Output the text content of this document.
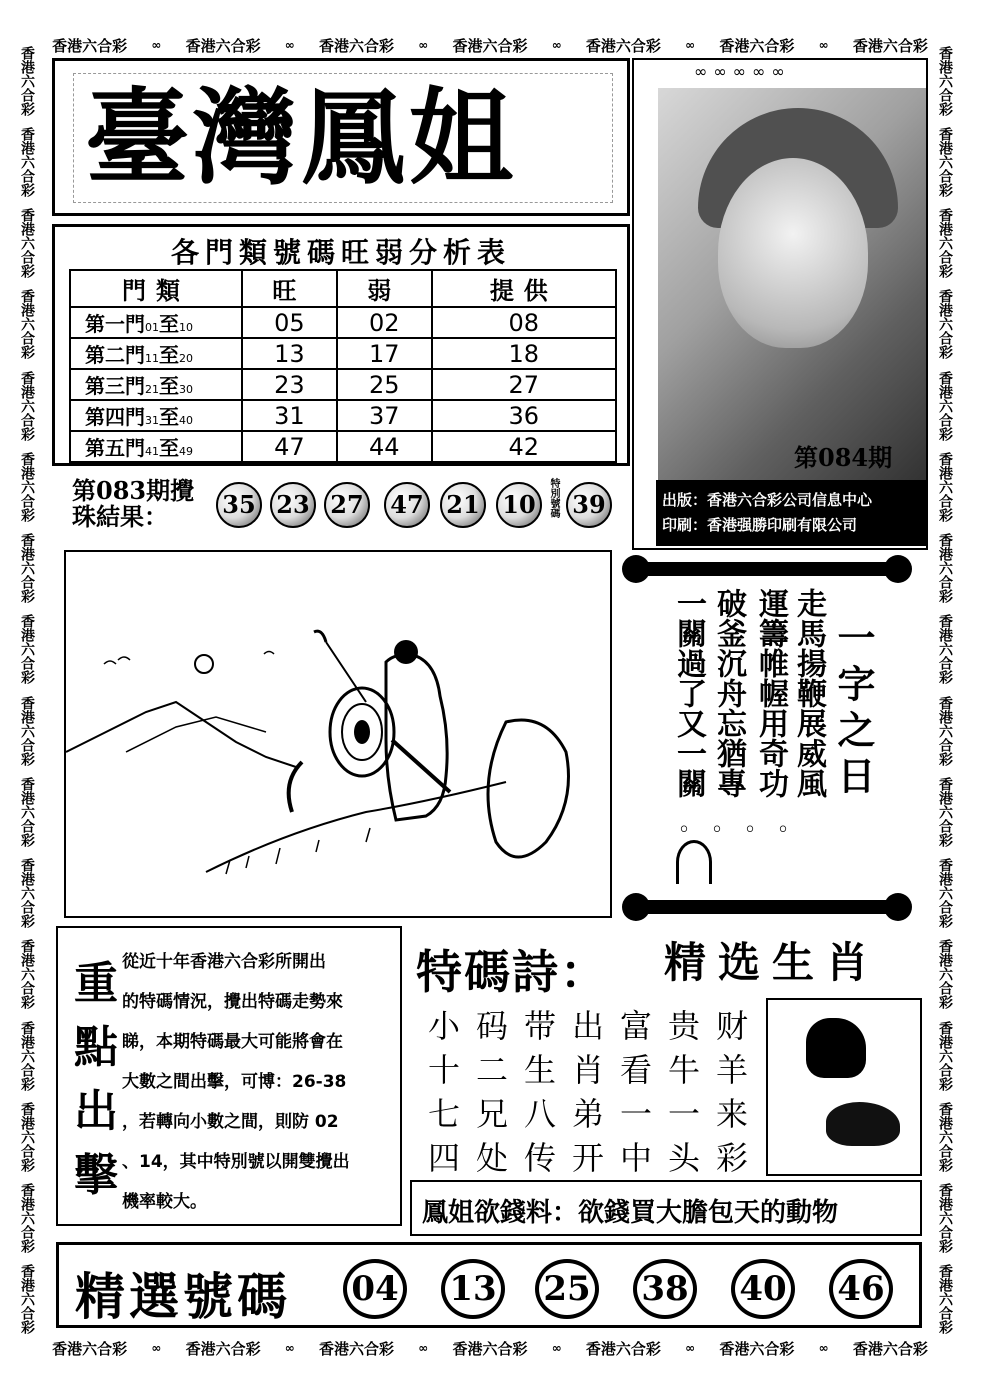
香港六合彩 ∞ 香港六合彩 ∞ 香港六合彩 ∞ 香港六合彩 ∞ 香港六合彩 ∞ 香港六合彩 ∞ 香港六合彩
香港六合彩 ∞ 香港六合彩 ∞ 香港六合彩 ∞ 香港六合彩 ∞ 香港六合彩 ∞ 香港六合彩 ∞ 香港六合彩
香港六合彩
香港六合彩
香港六合彩
香港六合彩
香港六合彩
香港六合彩
香港六合彩
香港六合彩
香港六合彩
香港六合彩
香港六合彩
香港六合彩
香港六合彩
香港六合彩
香港六合彩
香港六合彩
香港六合彩
香港六合彩
香港六合彩
香港六合彩
香港六合彩
香港六合彩
香港六合彩
香港六合彩
香港六合彩
香港六合彩
香港六合彩
香港六合彩
香港六合彩
香港六合彩
香港六合彩
香港六合彩
臺灣鳳姐
∞∞∞∞∞
第084期
出版：香港六合彩公司信息中心
印刷：香港强勝印刷有限公司
各門類號碼旺弱分析表
門類	旺	弱	提供
第一門01至10	05	02	08
第二門11至20	13	17	18
第三門21至30	23	25	27
第四門31至40	31	37	36
第五門41至49	47	44	42
第083期攪
珠結果：	35 23 27 47 21 10	特別號碼 39
走馬揚鞭展威風
運籌帷幄用奇功
破釜沉舟忘猶專
一關過了又一關
。。。。
一字之日
重
點
出
擊
從近十年香港六合彩所開出
的特碼情況，攪出特碼走勢來
睇，本期特碼最大可能將會在
大數之間出擊，可博：26-38
，若轉向小數之間，則防 02
、14，其中特別號以開雙攪出
機率較大。
特碼詩： 精选生肖
小 码 带 出 富 贵 财
十 二 生 肖 看 牛 羊
七 兄 八 弟 一 一 来
四 处 传 开 中 头 彩
鳳姐欲錢料：欲錢買大膽包天的動物
精選號碼 04 13 25 38 40 46
